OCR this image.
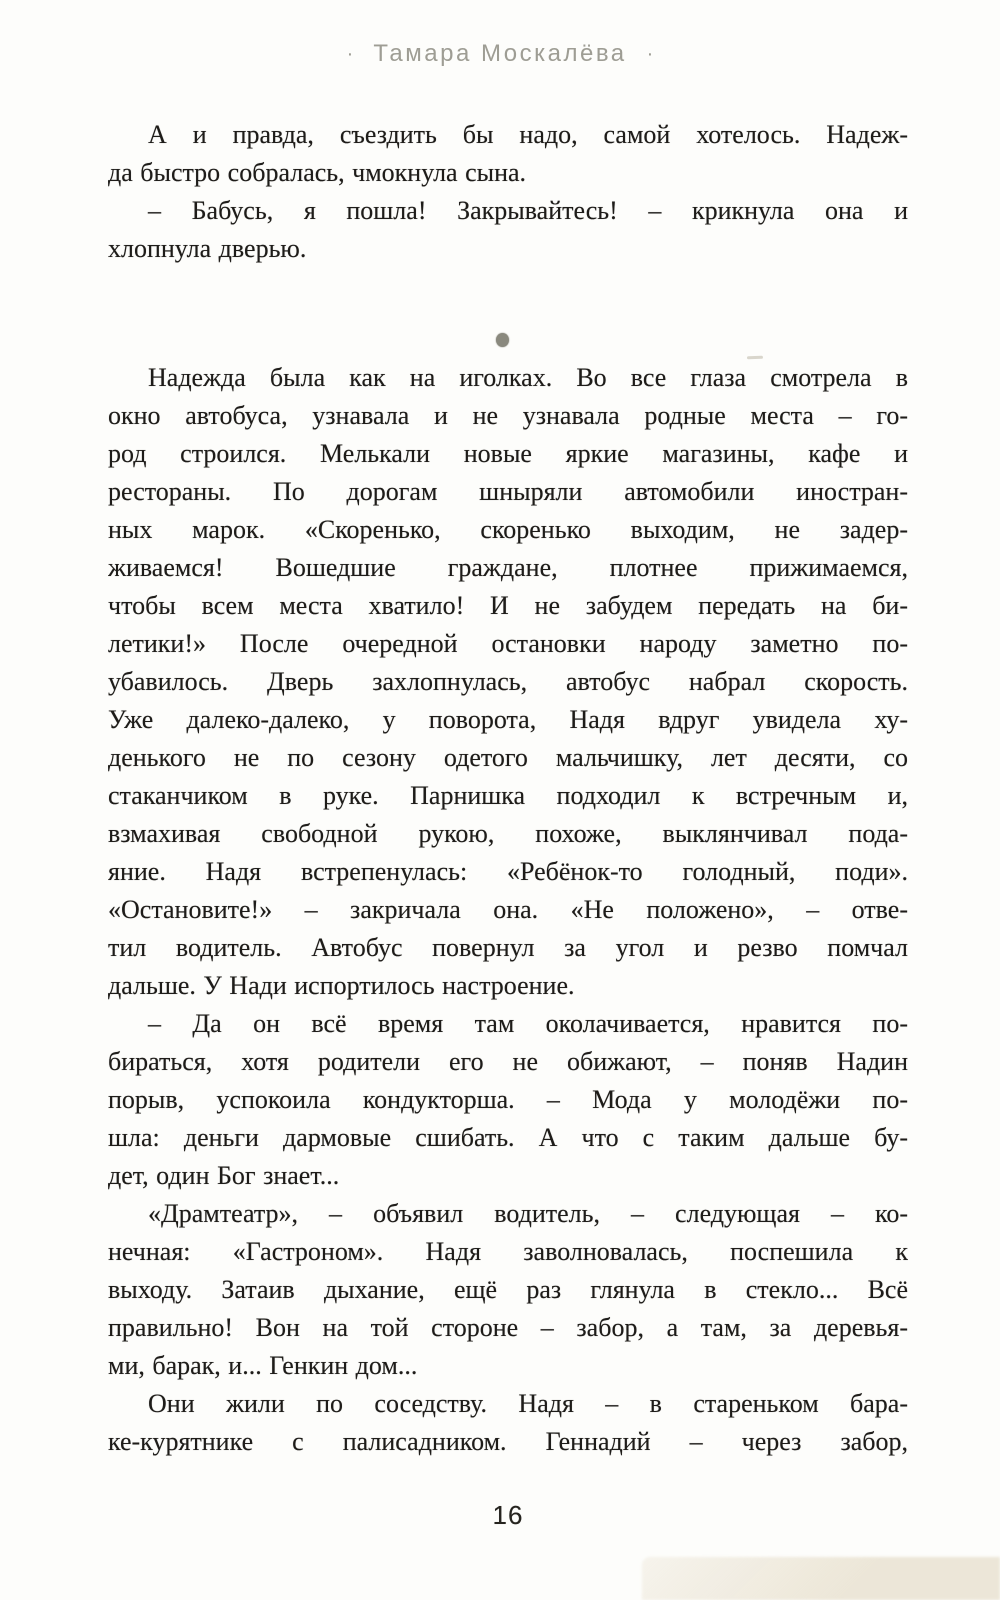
· Тамара Москалёва ·
А и правда, съездить бы надо, самой хотелось. Надеж-
да быстро собралась, чмокнула сына.
– Бабусь, я пошла! Закрывайтесь! – крикнула она и
хлопнула дверью.
Надежда была как на иголках. Во все глаза смотрела в
окно автобуса, узнавала и не узнавала родные места – го-
род строился. Мелькали новые яркие магазины, кафе и
рестораны. По дорогам шныряли автомобили иностран-
ных марок. «Скоренько, скоренько выходим, не задер-
живаемся! Вошедшие граждане, плотнее прижимаемся,
чтобы всем места хватило! И не забудем передать на би-
летики!» После очередной остановки народу заметно по-
убавилось. Дверь захлопнулась, автобус набрал скорость.
Уже далеко-далеко, у поворота, Надя вдруг увидела ху-
денького не по сезону одетого мальчишку, лет десяти, со
стаканчиком в руке. Парнишка подходил к встречным и,
взмахивая свободной рукою, похоже, выклянчивал пода-
яние. Надя встрепенулась: «Ребёнок-то голодный, поди».
«Остановите!» – закричала она. «Не положено», – отве-
тил водитель. Автобус повернул за угол и резво помчал
дальше. У Нади испортилось настроение.
– Да он всё время там околачивается, нравится по-
бираться, хотя родители его не обижают, – поняв Надин
порыв, успокоила кондукторша. – Мода у молодёжи по-
шла: деньги дармовые сшибать. А что с таким дальше бу-
дет, один Бог знает...
«Драмтеатр», – объявил водитель, – следующая – ко-
нечная: «Гастроном». Надя заволновалась, поспешила к
выходу. Затаив дыхание, ещё раз глянула в стекло... Всё
правильно! Вон на той стороне – забор, а там, за деревья-
ми, барак, и... Генкин дом...
Они жили по соседству. Надя – в стареньком бара-
ке-курятнике с палисадником. Геннадий – через забор,
16
